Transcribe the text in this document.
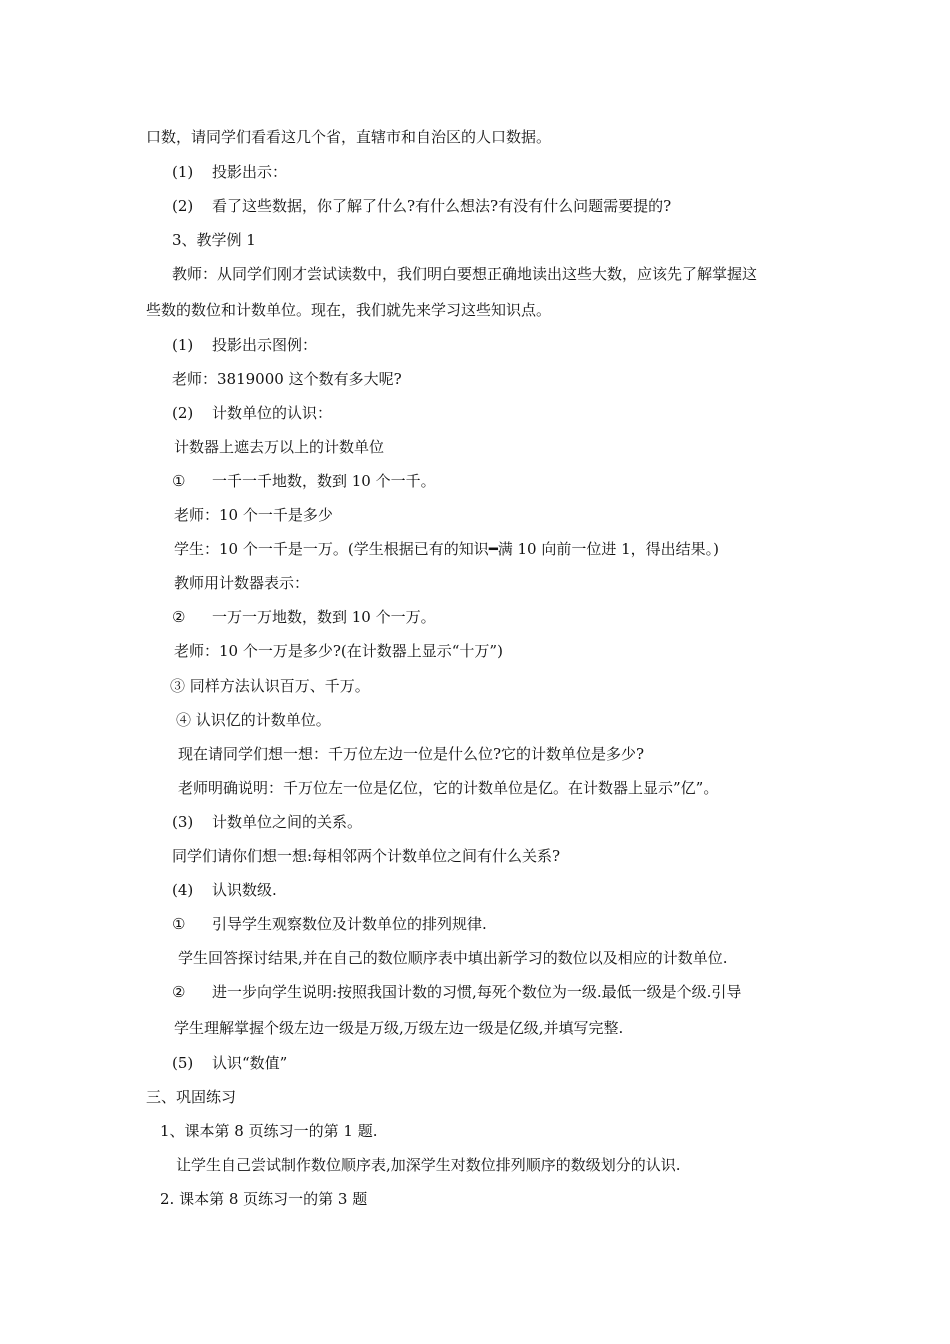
口数，请同学们看看这几个省，直辖市和自治区的人口数据。
(1) 投影出示：
(2) 看了这些数据，你了解了什么?有什么想法?有没有什么问题需要提的?
3、教学例 1
教师：从同学们刚才尝试读数中，我们明白要想正确地读出这些大数，应该先了解掌握这
些数的数位和计数单位。现在，我们就先来学习这些知识点。
(1) 投影出示图例：
老师：3819000 这个数有多大呢?
(2) 计数单位的认识：
计数器上遮去万以上的计数单位
① 一千一千地数，数到 10 个一千。
老师：10 个一千是多少
学生：10 个一千是一万。(学生根据已有的知识━满 10 向前一位进 1，得出结果。)
教师用计数器表示：
② 一万一万地数，数到 10 个一万。
老师：10 个一万是多少?(在计数器上显示“十万”)
③ 同样方法认识百万、千万。
④ 认识亿的计数单位。
现在请同学们想一想：千万位左边一位是什么位?它的计数单位是多少?
老师明确说明：千万位左一位是亿位，它的计数单位是亿。在计数器上显示”亿”。
(3) 计数单位之间的关系。
同学们请你们想一想:每相邻两个计数单位之间有什么关系?
(4) 认识数级.
① 引导学生观察数位及计数单位的排列规律.
学生回答探讨结果,并在自己的数位顺序表中填出新学习的数位以及相应的计数单位.
② 进一步向学生说明:按照我国计数的习惯,每死个数位为一级.最低一级是个级.引导
学生理解掌握个级左边一级是万级,万级左边一级是亿级,并填写完整.
(5) 认识“数值”
三、巩固练习
1、课本第 8 页练习一的第 1 题.
让学生自己尝试制作数位顺序表,加深学生对数位排列顺序的数级划分的认识.
2. 课本第 8 页练习一的第 3 题
